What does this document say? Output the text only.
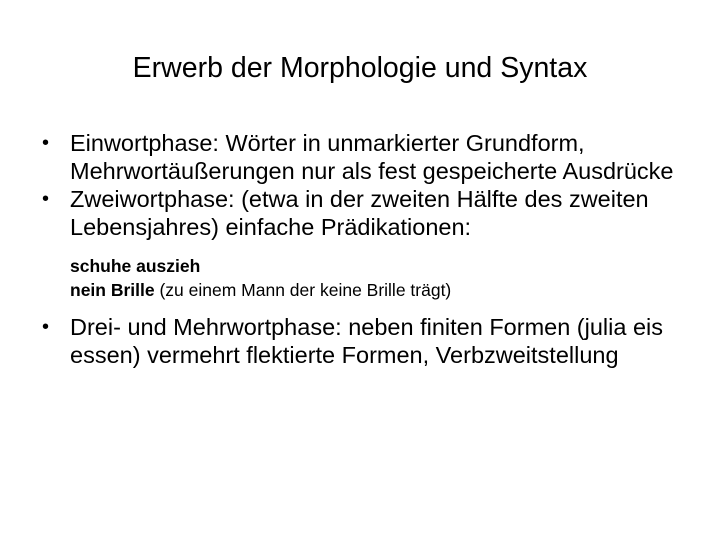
Erwerb der Morphologie und Syntax
• Einwortphase: Wörter in unmarkierter Grundform, Mehrwortäußerungen nur als fest gespeicherte Ausdrücke
• Zweiwortphase: (etwa in der zweiten Hälfte des zweiten Lebensjahres) einfache Prädikationen:
schuhe auszieh
nein Brille (zu einem Mann der keine Brille trägt)
• Drei- und Mehrwortphase: neben finiten Formen (julia eis essen) vermehrt flektierte Formen, Verbzweitstellung
